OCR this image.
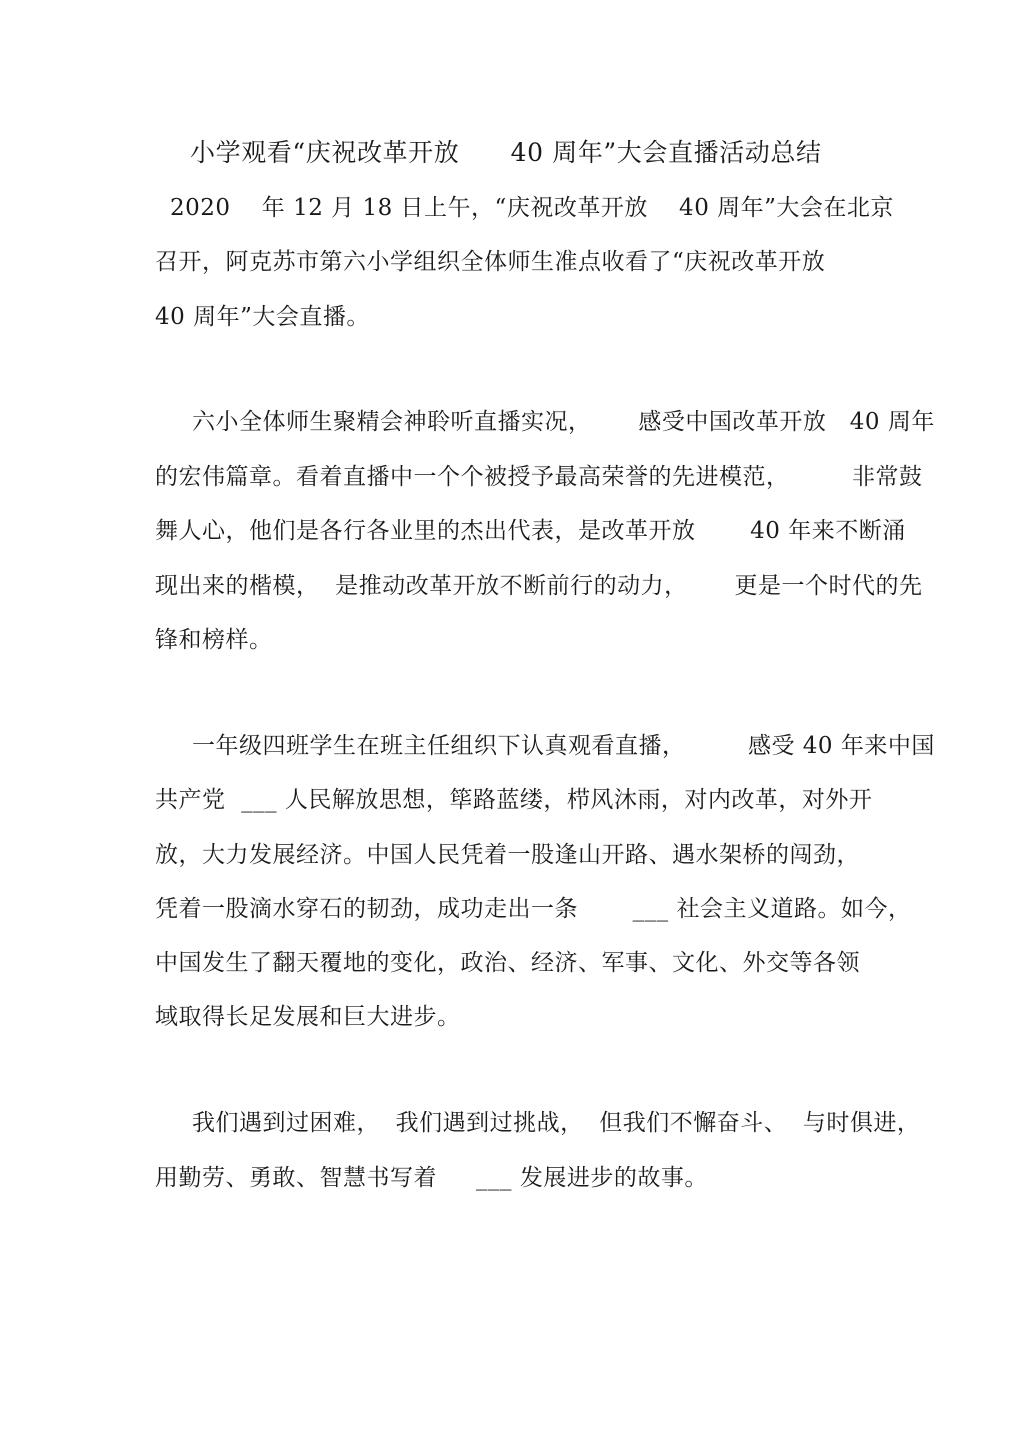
小学观看“庆祝改革开放      40 周年”大会直播活动总结
2020    年 12 月 18 日上午，“庆祝改革开放    40 周年”大会在北京
召开，阿克苏市第六小学组织全体师生准点收看了“庆祝改革开放
40 周年”大会直播。
六小全体师生聚精会神聆听直播实况，      感受中国改革开放   40 周年
的宏伟篇章。看着直播中一个个被授予最高荣誉的先进模范，        非常鼓
舞人心，他们是各行各业里的杰出代表，是改革开放       40 年来不断涌
现出来的楷模，  是推动改革开放不断前行的动力，      更是一个时代的先
锋和榜样。
一年级四班学生在班主任组织下认真观看直播，        感受 40 年来中国
共产党  ___ 人民解放思想，筚路蓝缕，栉风沐雨，对内改革，对外开
放，大力发展经济。中国人民凭着一股逢山开路、遇水架桥的闯劲，
凭着一股滴水穿石的韧劲，成功走出一条       ___ 社会主义道路。如今，
中国发生了翻天覆地的变化，政治、经济、军事、文化、外交等各领
域取得长足发展和巨大进步。
我们遇到过困难，  我们遇到过挑战，  但我们不懈奋斗、  与时俱进，
用勤劳、勇敢、智慧书写着     ___ 发展进步的故事。
